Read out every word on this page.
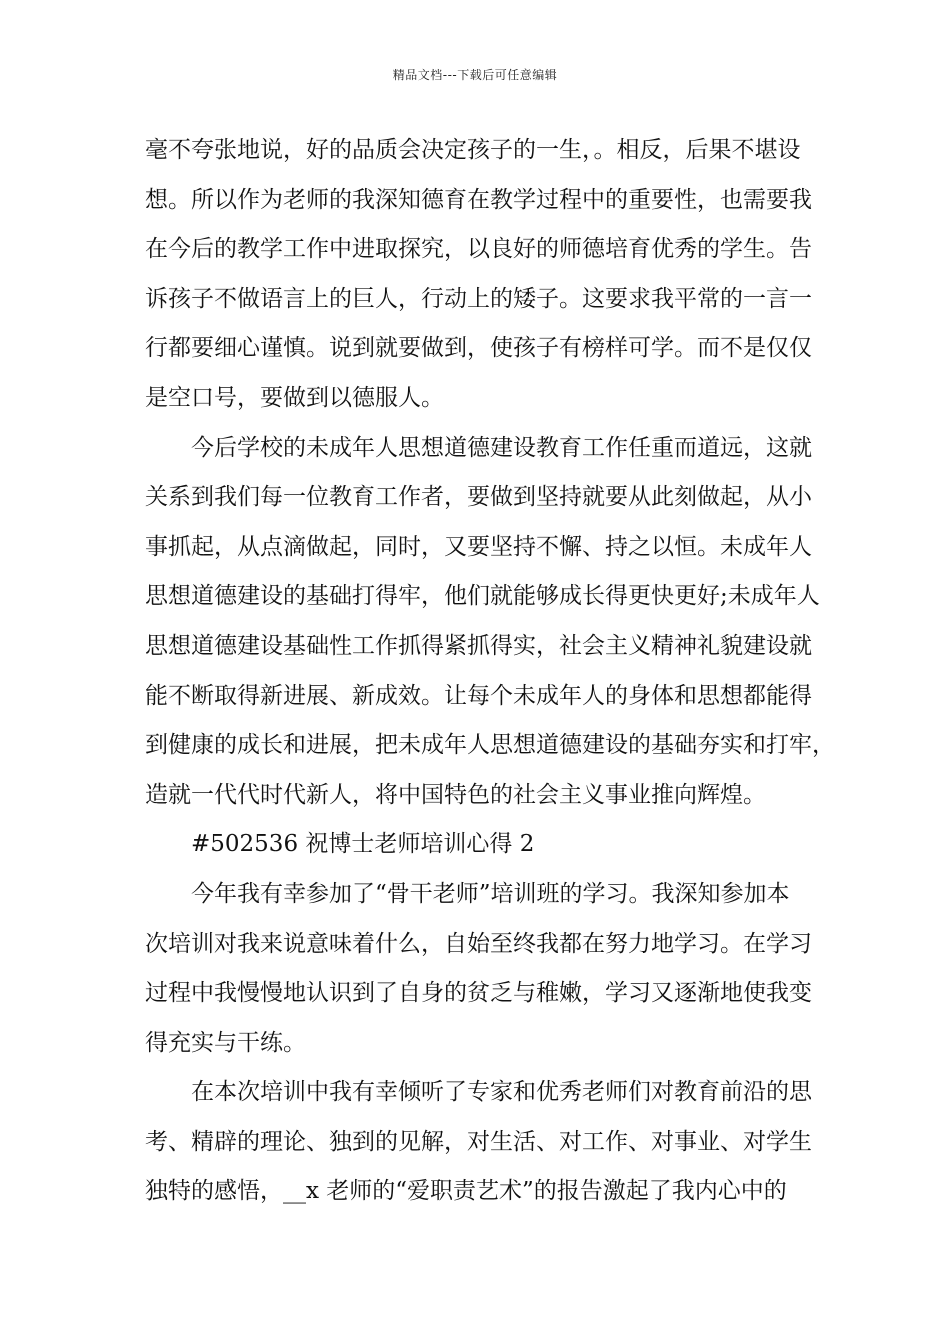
精品文档---下载后可任意编辑
毫不夸张地说，好的品质会决定孩子的一生，。相反，后果不堪设
想。所以作为老师的我深知德育在教学过程中的重要性，也需要我
在今后的教学工作中进取探究，以良好的师德培育优秀的学生。告
诉孩子不做语言上的巨人，行动上的矮子。这要求我平常的一言一
行都要细心谨慎。说到就要做到，使孩子有榜样可学。而不是仅仅
是空口号，要做到以德服人。
今后学校的未成年人思想道德建设教育工作任重而道远，这就
关系到我们每一位教育工作者，要做到坚持就要从此刻做起，从小
事抓起，从点滴做起，同时，又要坚持不懈、持之以恒。未成年人
思想道德建设的基础打得牢，他们就能够成长得更快更好;未成年人
思想道德建设基础性工作抓得紧抓得实，社会主义精神礼貌建设就
能不断取得新进展、新成效。让每个未成年人的身体和思想都能得
到健康的成长和进展，把未成年人思想道德建设的基础夯实和打牢，
造就一代代时代新人，将中国特色的社会主义事业推向辉煌。
#502536 祝博士老师培训心得 2
今年我有幸参加了“骨干老师”培训班的学习。我深知参加本
次培训对我来说意味着什么，自始至终我都在努力地学习。在学习
过程中我慢慢地认识到了自身的贫乏与稚嫩，学习又逐渐地使我变
得充实与干练。
在本次培训中我有幸倾听了专家和优秀老师们对教育前沿的思
考、精辟的理论、独到的见解，对生活、对工作、对事业、对学生
独特的感悟，__x 老师的“爱职责艺术”的报告激起了我内心中的
